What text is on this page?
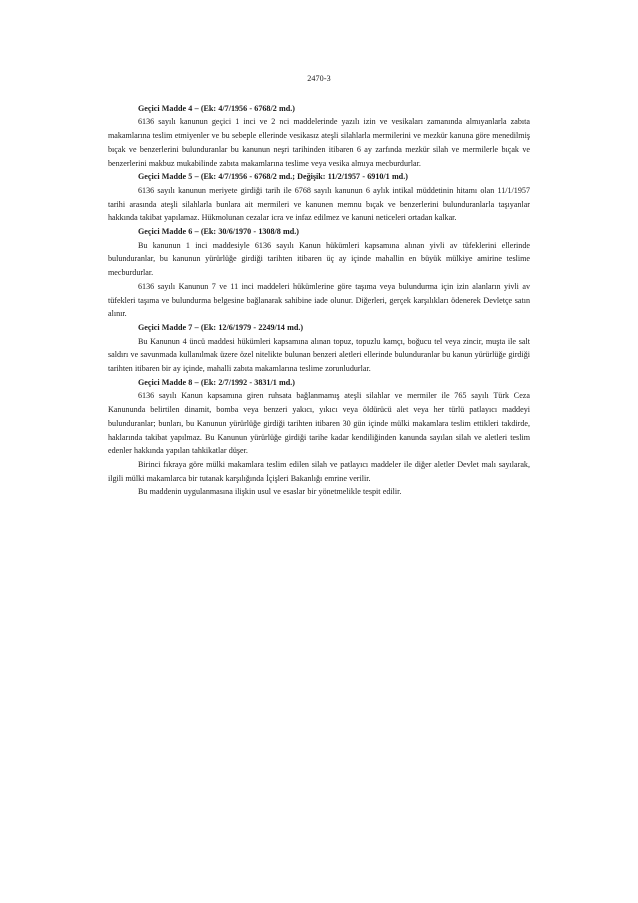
2470-3

Geçici Madde 4 – (Ek: 4/7/1956 - 6768/2 md.)

6136 sayılı kanunun geçici 1 inci ve 2 nci maddelerinde yazılı izin ve vesikaları zamanında almıyanlarla zabıta makamlarına teslim etmiyenler ve bu sebeple ellerinde vesikasız ateşli silahlarla mermilerini ve mezkür kanuna göre menedilmiş bıçak ve benzerlerini bulunduranlar bu kanunun neşri tarihinden itibaren 6 ay zarfında mezkür silah ve mermilerle bıçak ve benzerlerini makbuz mukabilinde zabıta makamlarına teslime veya vesika almıya mecburdurlar.

Geçici Madde 5 – (Ek: 4/7/1956 - 6768/2 md.; Değişik: 11/2/1957 - 6910/1 md.)

6136 sayılı kanunun meriyete girdiği tarih ile 6768 sayılı kanunun 6 aylık intikal müddetinin hitamı olan 11/1/1957 tarihi arasında ateşli silahlarla bunlara ait mermileri ve kanunen memnu bıçak ve benzerlerini bulunduranlarla taşıyanlar hakkında takibat yapılamaz. Hükmolunan cezalar icra ve infaz edilmez ve kanuni neticeleri ortadan kalkar.

Geçici Madde 6 – (Ek: 30/6/1970 - 1308/8 md.)

Bu kanunun 1 inci maddesiyle 6136 sayılı Kanun hükümleri kapsamına alınan yivli av tüfeklerini ellerinde bulunduranlar, bu kanunun yürürlüğe girdiği tarihten itibaren üç ay içinde mahallin en büyük mülkiye amirine teslime mecburdurlar.

6136 sayılı Kanunun 7 ve 11 inci maddeleri hükümlerine göre taşıma veya bulundurma için izin alanların yivli av tüfekleri taşıma ve bulundurma belgesine bağlanarak sahibine iade olunur. Diğerleri, gerçek karşılıkları ödenerek Devletçe satın alınır.

Geçici Madde 7 – (Ek: 12/6/1979 - 2249/14 md.)

Bu Kanunun 4 üncü maddesi hükümleri kapsamına alınan topuz, topuzlu kamçı, boğucu tel veya zincir, muşta ile salt saldırı ve savunmada kullanılmak üzere özel nitelikte bulunan benzeri aletleri ellerinde bulunduranlar bu kanun yürürlüğe girdiği tarihten itibaren bir ay içinde, mahalli zabıta makamlarına teslime zorunludurlar.

Geçici Madde 8 – (Ek: 2/7/1992 - 3831/1 md.)

6136 sayılı Kanun kapsamına giren ruhsata bağlanmamış ateşli silahlar ve mermiler ile 765 sayılı Türk Ceza Kanununda belirtilen dinamit, bomba veya benzeri yakıcı, yıkıcı veya öldürücü alet veya her türlü patlayıcı maddeyi bulunduranlar; bunları, bu Kanunun yürürlüğe girdiği tarihten itibaren 30 gün içinde mülki makamlara teslim ettikleri takdirde, haklarında takibat yapılmaz. Bu Kanunun yürürlüğe girdiği tarihe kadar kendiliğinden kanunda sayılan silah ve aletleri teslim edenler hakkında yapılan tahkikatlar düşer.

Birinci fıkraya göre mülki makamlara teslim edilen silah ve patlayıcı maddeler ile diğer aletler Devlet malı sayılarak, ilgili mülki makamlarca bir tutanak karşılığında İçişleri Bakanlığı emrine verilir.

Bu maddenin uygulanmasına ilişkin usul ve esaslar bir yönetmelikle tespit edilir.
